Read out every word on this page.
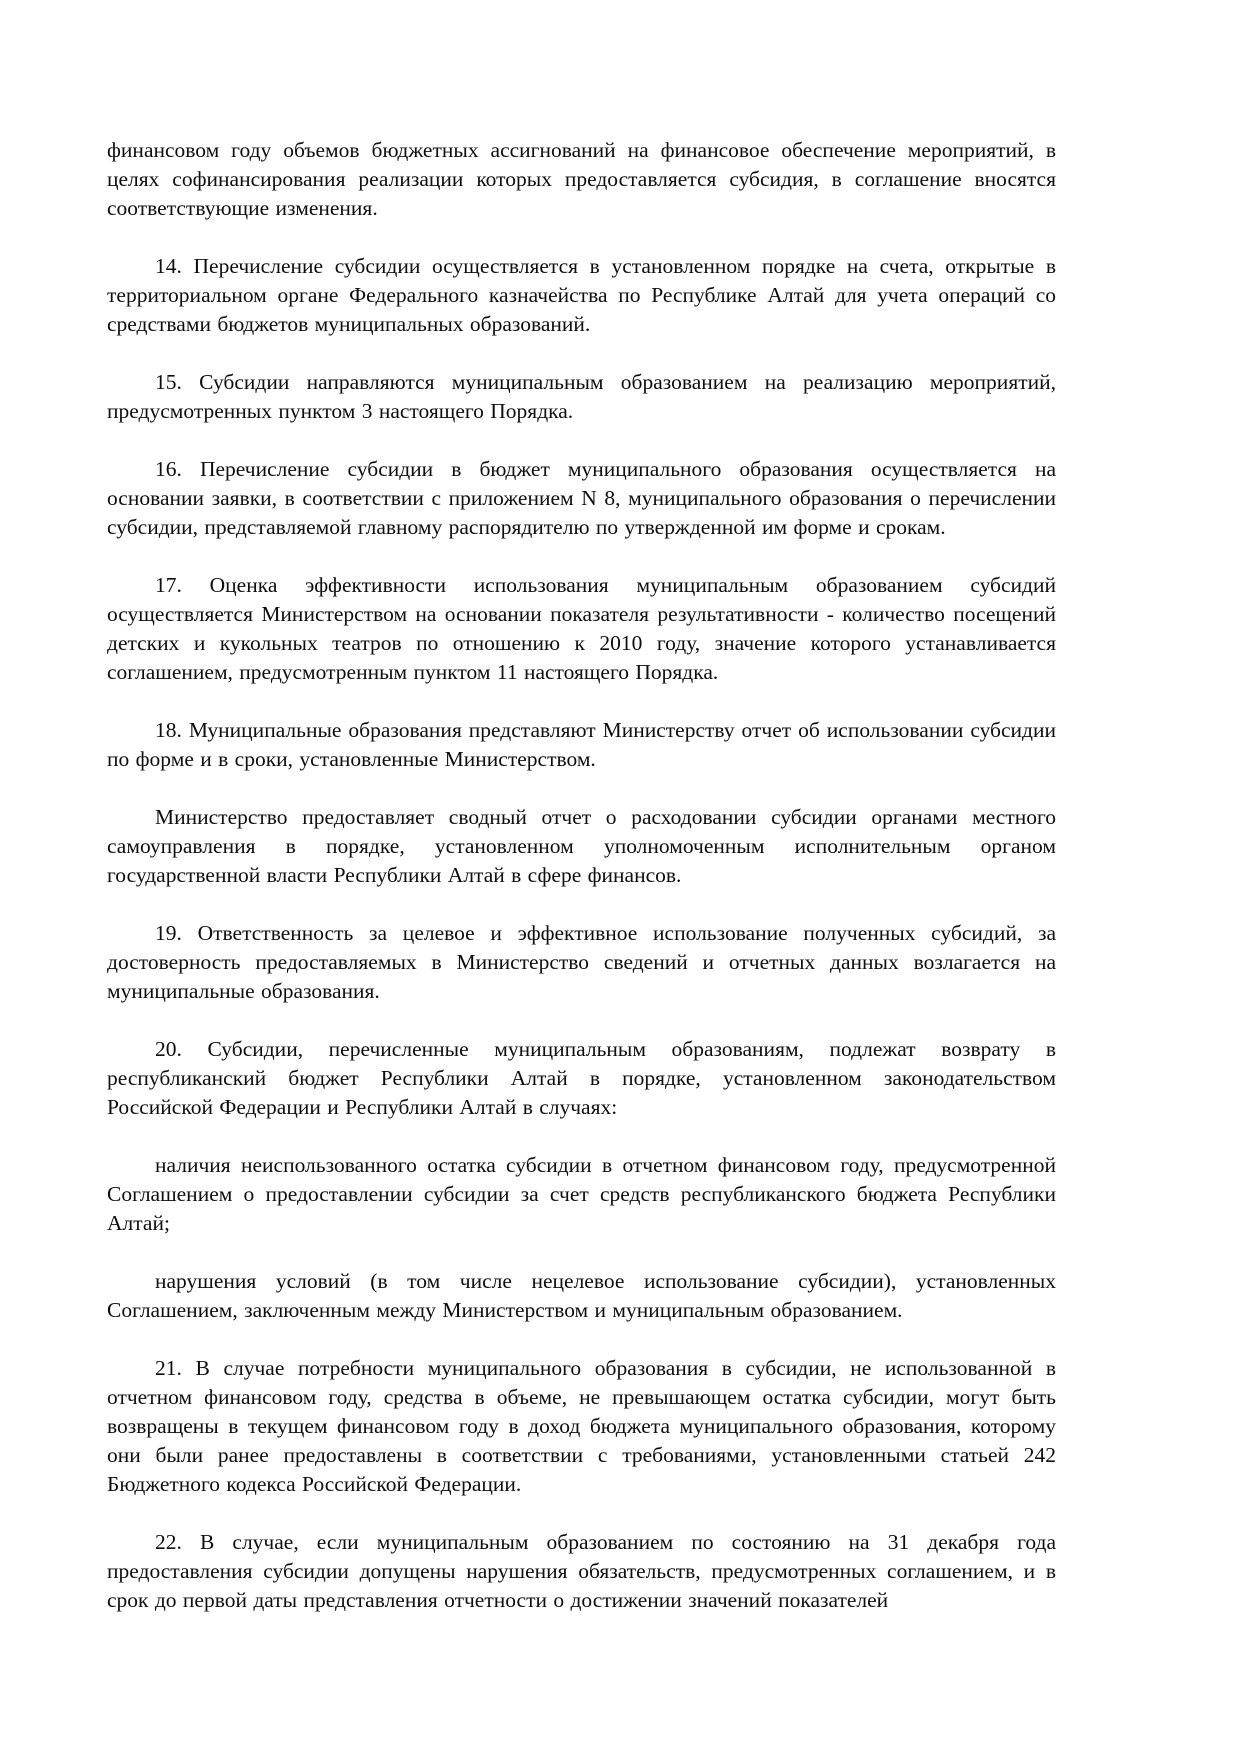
финансовом году объемов бюджетных ассигнований на финансовое обеспечение мероприятий, в целях софинансирования реализации которых предоставляется субсидия, в соглашение вносятся соответствующие изменения.

14. Перечисление субсидии осуществляется в установленном порядке на счета, открытые в территориальном органе Федерального казначейства по Республике Алтай для учета операций со средствами бюджетов муниципальных образований.

15. Субсидии направляются муниципальным образованием на реализацию мероприятий, предусмотренных пунктом 3 настоящего Порядка.

16. Перечисление субсидии в бюджет муниципального образования осуществляется на основании заявки, в соответствии с приложением N 8, муниципального образования о перечислении субсидии, представляемой главному распорядителю по утвержденной им форме и срокам.

17. Оценка эффективности использования муниципальным образованием субсидий осуществляется Министерством на основании показателя результативности - количество посещений детских и кукольных театров по отношению к 2010 году, значение которого устанавливается соглашением, предусмотренным пунктом 11 настоящего Порядка.

18. Муниципальные образования представляют Министерству отчет об использовании субсидии по форме и в сроки, установленные Министерством.

Министерство предоставляет сводный отчет о расходовании субсидии органами местного самоуправления в порядке, установленном уполномоченным исполнительным органом государственной власти Республики Алтай в сфере финансов.

19. Ответственность за целевое и эффективное использование полученных субсидий, за достоверность предоставляемых в Министерство сведений и отчетных данных возлагается на муниципальные образования.

20. Субсидии, перечисленные муниципальным образованиям, подлежат возврату в республиканский бюджет Республики Алтай в порядке, установленном законодательством Российской Федерации и Республики Алтай в случаях:

наличия неиспользованного остатка субсидии в отчетном финансовом году, предусмотренной Соглашением о предоставлении субсидии за счет средств республиканского бюджета Республики Алтай;

нарушения условий (в том числе нецелевое использование субсидии), установленных Соглашением, заключенным между Министерством и муниципальным образованием.

21. В случае потребности муниципального образования в субсидии, не использованной в отчетном финансовом году, средства в объеме, не превышающем остатка субсидии, могут быть возвращены в текущем финансовом году в доход бюджета муниципального образования, которому они были ранее предоставлены в соответствии с требованиями, установленными статьей 242 Бюджетного кодекса Российской Федерации.

22. В случае, если муниципальным образованием по состоянию на 31 декабря года предоставления субсидии допущены нарушения обязательств, предусмотренных соглашением, и в срок до первой даты представления отчетности о достижении значений показателей
